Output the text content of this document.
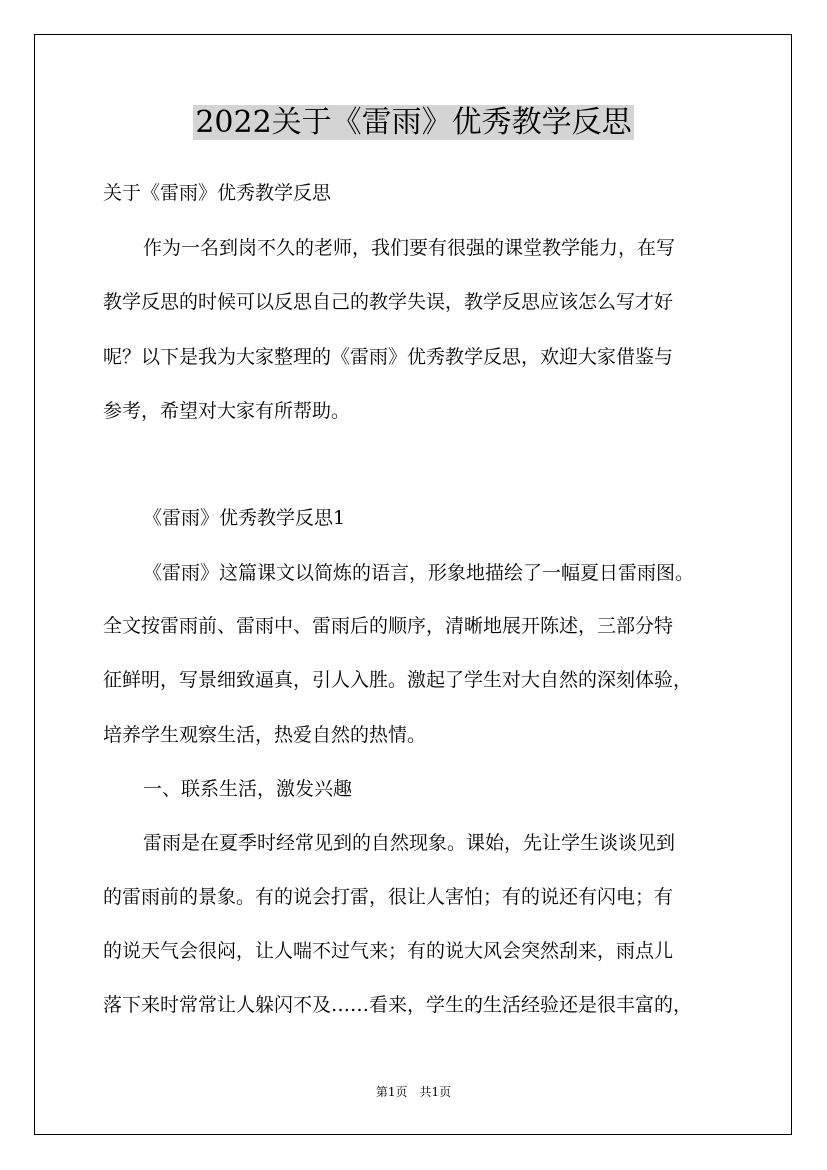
2022关于《雷雨》优秀教学反思
关于《雷雨》优秀教学反思
作为一名到岗不久的老师，我们要有很强的课堂教学能力，在写
教学反思的时候可以反思自己的教学失误，教学反思应该怎么写才好
呢？以下是我为大家整理的《雷雨》优秀教学反思，欢迎大家借鉴与
参考，希望对大家有所帮助。
《雷雨》优秀教学反思1
《雷雨》这篇课文以简炼的语言，形象地描绘了一幅夏日雷雨图。
全文按雷雨前、雷雨中、雷雨后的顺序，清晰地展开陈述，三部分特
征鲜明，写景细致逼真，引人入胜。激起了学生对大自然的深刻体验，
培养学生观察生活，热爱自然的热情。
一、联系生活，激发兴趣
雷雨是在夏季时经常见到的自然现象。课始，先让学生谈谈见到
的雷雨前的景象。有的说会打雷，很让人害怕；有的说还有闪电；有
的说天气会很闷，让人喘不过气来；有的说大风会突然刮来，雨点儿
落下来时常常让人躲闪不及……看来，学生的生活经验还是很丰富的，
第1页　共1页
